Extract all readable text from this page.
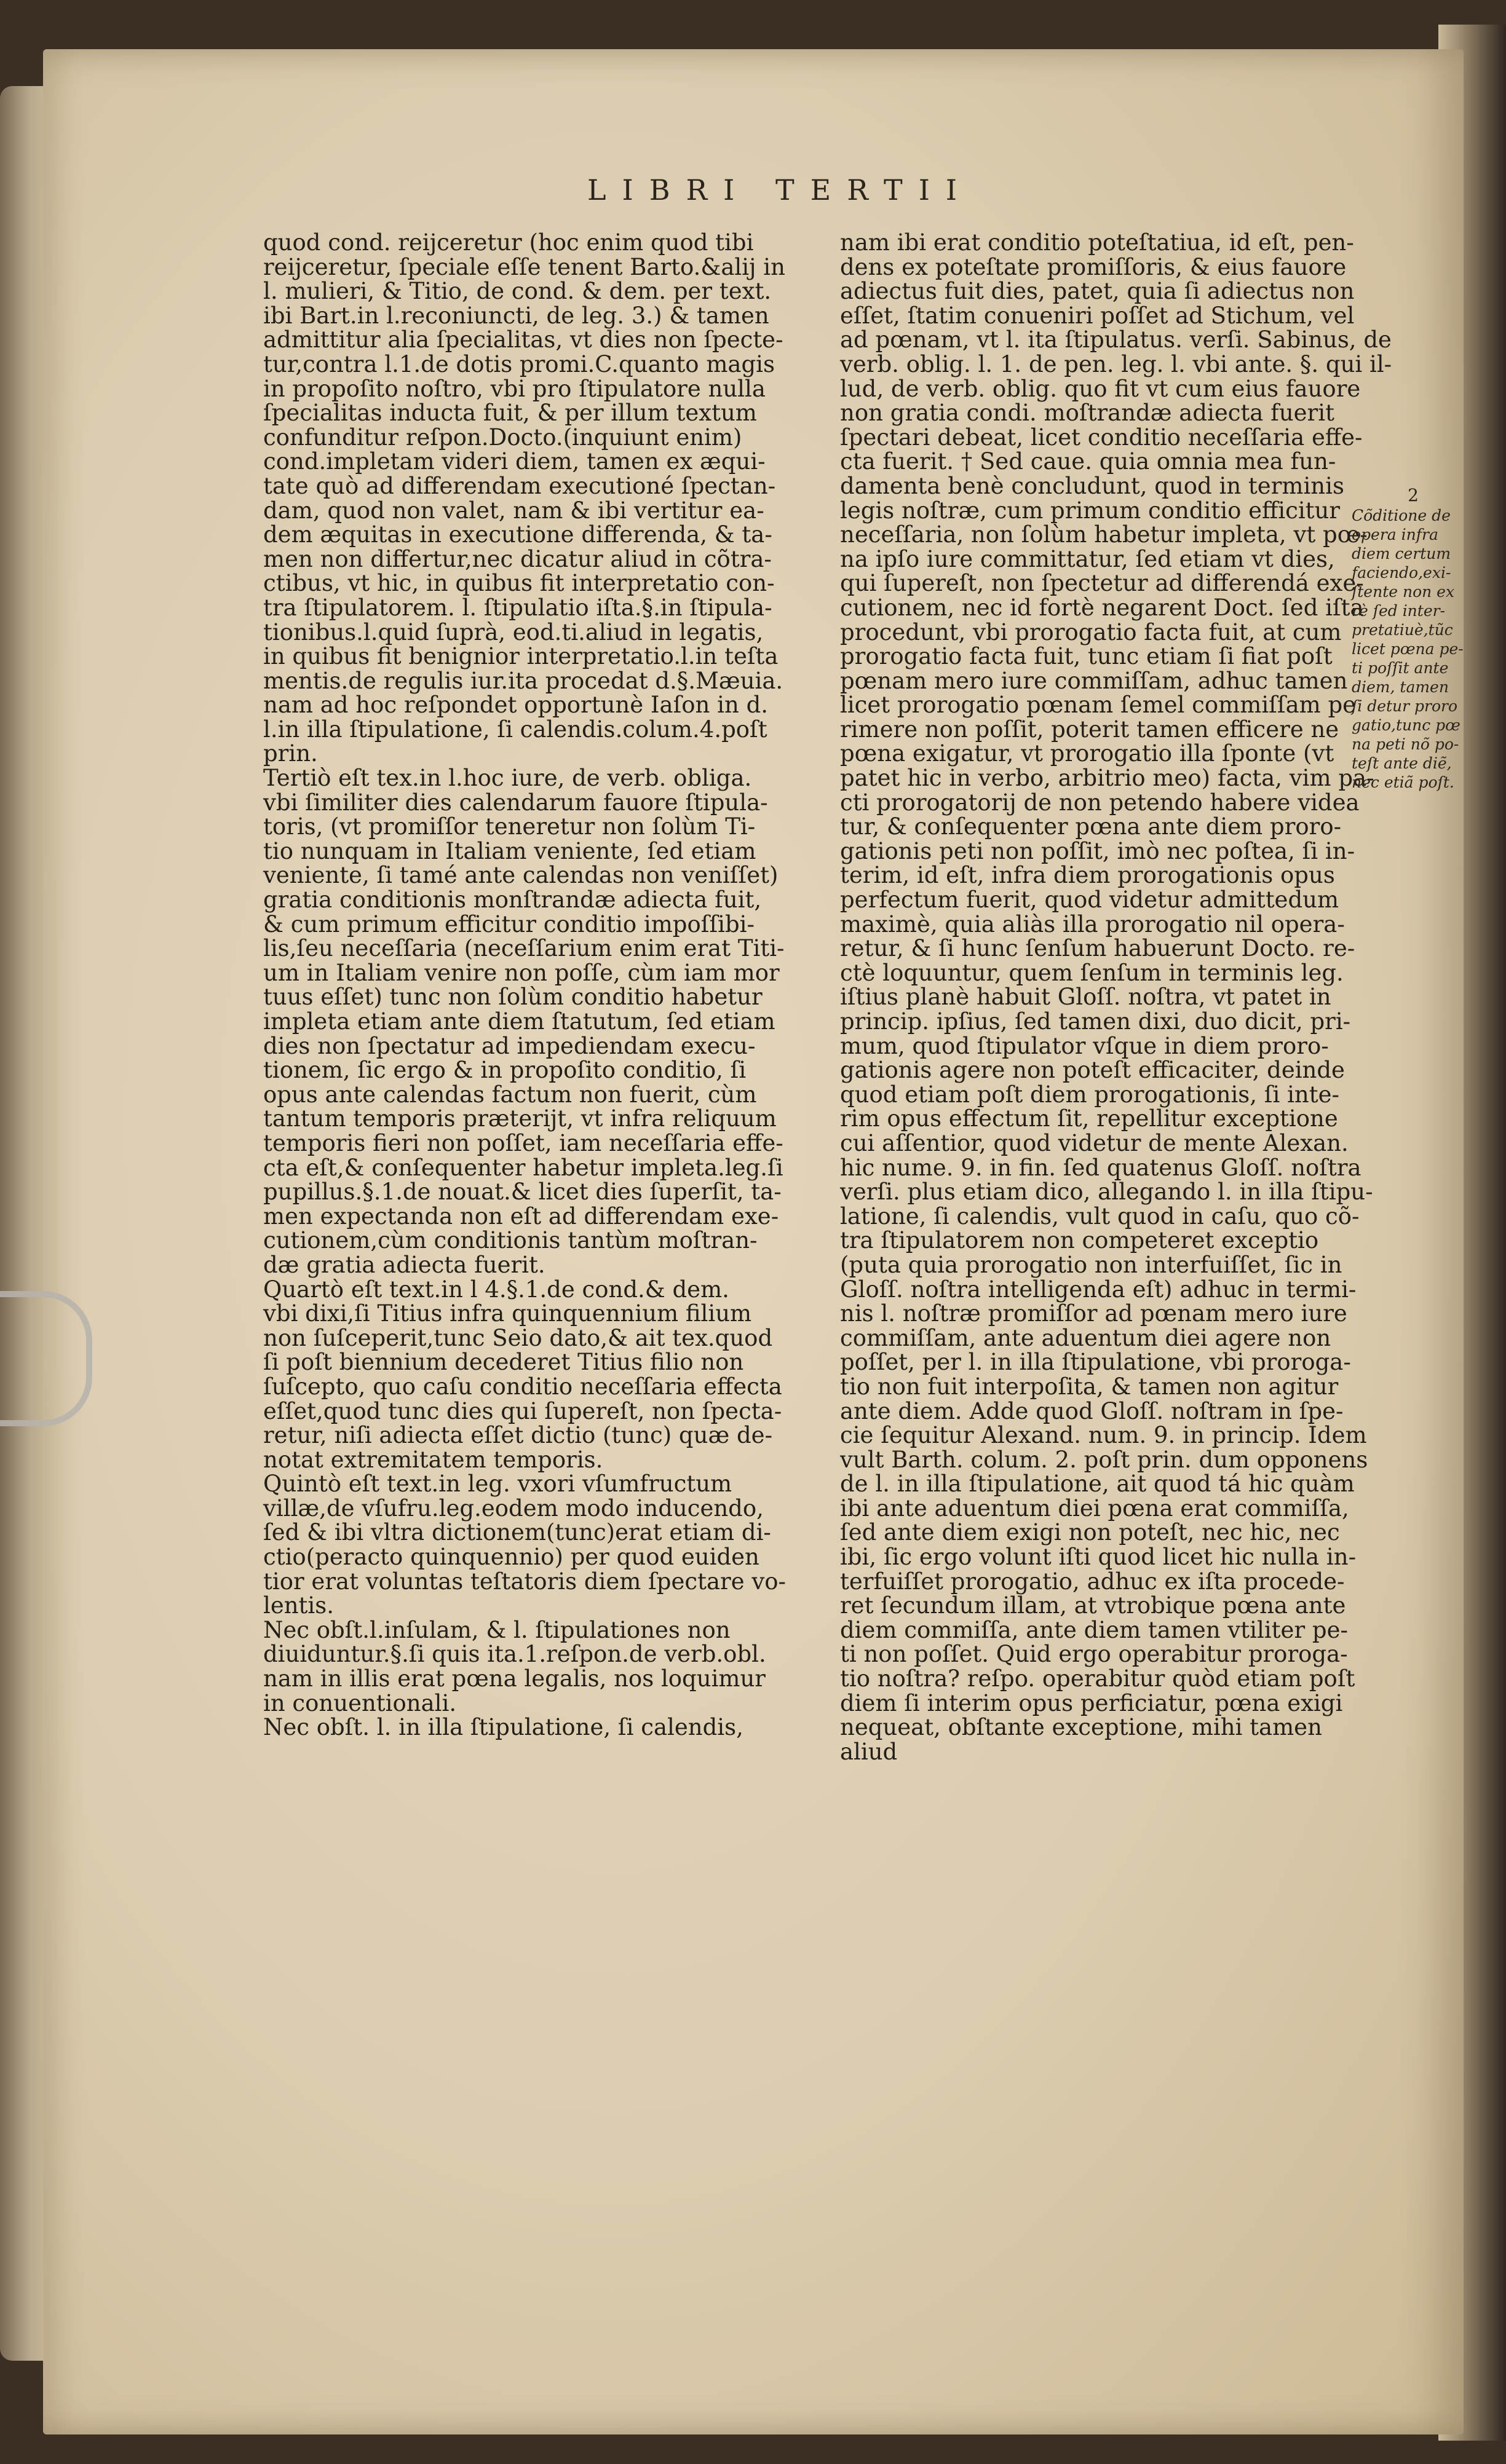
LIBRI TERTII
quod cond. reijceretur (hoc enim quod tibi
reijceretur, ſpeciale eſſe tenent Barto.&alij in
l. mulieri, & Titio, de cond. & dem. per text.
ibi Bart.in l.reconiuncti, de leg. 3.) & tamen
admittitur alia ſpecialitas, vt dies non ſpecte-
tur,contra l.1.de dotis promi.C.quanto magis
in propoſito noſtro, vbi pro ſtipulatore nulla
ſpecialitas inducta fuit, & per illum textum
confunditur reſpon.Docto.(inquiunt enim)
cond.impletam videri diem, tamen ex æqui-
tate quò ad differendam executioné ſpectan-
dam, quod non valet, nam & ibi vertitur ea-
dem æquitas in executione differenda, & ta-
men non differtur,nec dicatur aliud in cõtra-
ctibus, vt hic, in quibus fit interpretatio con-
tra ſtipulatorem. l. ſtipulatio iſta.§.in ſtipula-
tionibus.l.quid ſuprà, eod.ti.aliud in legatis,
in quibus fit benignior interpretatio.l.in teſta
mentis.de regulis iur.ita procedat d.§.Mæuia.
nam ad hoc reſpondet opportunè Iaſon in d.
l.in illa ſtipulatione, ſi calendis.colum.4.poſt
prin.
Tertiò eſt tex.in l.hoc iure, de verb. obliga.
vbi ſimiliter dies calendarum fauore ſtipula-
toris, (vt promiſſor teneretur non ſolùm Ti-
tio nunquam in Italiam veniente, ſed etiam
veniente, ſi tamé ante calendas non veniſſet)
gratia conditionis monſtrandæ adiecta fuit,
& cum primum efficitur conditio impoſſibi-
lis,ſeu neceſſaria (neceſſarium enim erat Titi-
um in Italiam venire non poſſe, cùm iam mor
tuus eſſet) tunc non ſolùm conditio habetur
impleta etiam ante diem ſtatutum, ſed etiam
dies non ſpectatur ad impediendam execu-
tionem, ſic ergo & in propoſito conditio, ſi
opus ante calendas factum non fuerit, cùm
tantum temporis præterijt, vt infra reliquum
temporis fieri non poſſet, iam neceſſaria effe-
cta eſt,& conſequenter habetur impleta.leg.ſi
pupillus.§.1.de nouat.& licet dies ſuperſit, ta-
men expectanda non eſt ad differendam exe-
cutionem,cùm conditionis tantùm moſtran-
dæ gratia adiecta fuerit.
Quartò eſt text.in l 4.§.1.de cond.& dem.
vbi dixi,ſi Titius infra quinquennium filium
non ſuſceperit,tunc Seio dato,& ait tex.quod
ſi poſt biennium decederet Titius filio non
ſuſcepto, quo caſu conditio neceſſaria effecta
eſſet,quod tunc dies qui ſupereſt, non ſpecta-
retur, niſi adiecta eſſet dictio (tunc) quæ de-
notat extremitatem temporis.
Quintò eſt text.in leg. vxori vſumfructum
villæ,de vſufru.leg.eodem modo inducendo,
ſed & ibi vltra dictionem(tunc)erat etiam di-
ctio(peracto quinquennio) per quod euiden
tior erat voluntas teſtatoris diem ſpectare vo-
lentis.
Nec obſt.l.inſulam, & l. ſtipulationes non
diuiduntur.§.ſi quis ita.1.reſpon.de verb.obl.
nam in illis erat pœna legalis, nos loquimur
in conuentionali.
Nec obſt. l. in illa ſtipulatione, ſi calendis,
nam ibi erat conditio poteſtatiua, id eſt, pen-
dens ex poteſtate promiſſoris, & eius fauore
adiectus fuit dies, patet, quia ſi adiectus non
eſſet, ſtatim conueniri poſſet ad Stichum, vel
ad pœnam, vt l. ita ſtipulatus. verſi. Sabinus, de
verb. oblig. l. 1. de pen. leg. l. vbi ante. §. qui il-
lud, de verb. oblig. quo fit vt cum eius fauore
non gratia condi. moſtrandæ adiecta fuerit
ſpectari debeat, licet conditio neceſſaria effe-
cta fuerit. † Sed caue. quia omnia mea fun-
damenta benè concludunt, quod in terminis
legis noſtræ, cum primum conditio efficitur
neceſſaria, non ſolùm habetur impleta, vt pœ-
na ipſo iure committatur, ſed etiam vt dies,
qui ſupereſt, non ſpectetur ad differendá exe-
cutionem, nec id fortè negarent Doct. ſed iſta
procedunt, vbi prorogatio facta fuit, at cum
prorogatio facta fuit, tunc etiam ſi fiat poſt
pœnam mero iure commiſſam, adhuc tamen
licet prorogatio pœnam ſemel commiſſam pe
rimere non poſſit, poterit tamen efficere ne
pœna exigatur, vt prorogatio illa ſponte (vt
patet hic in verbo, arbitrio meo) facta, vim pa-
cti prorogatorij de non petendo habere videa
tur, & conſequenter pœna ante diem proro-
gationis peti non poſſit, imò nec poſtea, ſi in-
terim, id eſt, infra diem prorogationis opus
perfectum fuerit, quod videtur admittedum
maximè, quia aliàs illa prorogatio nil opera-
retur, & ſi hunc ſenſum habuerunt Docto. re-
ctè loquuntur, quem ſenſum in terminis leg.
iſtius planè habuit Gloſſ. noſtra, vt patet in
princip. ipſius, ſed tamen dixi, duo dicit, pri-
mum, quod ſtipulator vſque in diem proro-
gationis agere non poteſt efficaciter, deinde
quod etiam poſt diem prorogationis, ſi inte-
rim opus effectum ſit, repellitur exceptione
cui aſſentior, quod videtur de mente Alexan.
hic nume. 9. in fin. ſed quatenus Gloſſ. noſtra
verſi. plus etiam dico, allegando l. in illa ſtipu-
latione, ſi calendis, vult quod in caſu, quo cõ-
tra ſtipulatorem non competeret exceptio
(puta quia prorogatio non interfuiſſet, ſic in
Gloſſ. noſtra intelligenda eſt) adhuc in termi-
nis l. noſtræ promiſſor ad pœnam mero iure
commiſſam, ante aduentum diei agere non
poſſet, per l. in illa ſtipulatione, vbi proroga-
tio non fuit interpoſita, & tamen non agitur
ante diem. Adde quod Gloſſ. noſtram in ſpe-
cie ſequitur Alexand. num. 9. in princip. Idem
vult Barth. colum. 2. poſt prin. dum opponens
de l. in illa ſtipulatione, ait quod tá hic quàm
ibi ante aduentum diei pœna erat commiſſa,
ſed ante diem exigi non poteſt, nec hic, nec
ibi, ſic ergo volunt iſti quod licet hic nulla in-
terfuiſſet prorogatio, adhuc ex iſta procede-
ret ſecundum illam, at vtrobique pœna ante
diem commiſſa, ante diem tamen vtiliter pe-
ti non poſſet. Quid ergo operabitur proroga-
tio noſtra? reſpo. operabitur quòd etiam poſt
diem ſi interim opus perficiatur, pœna exigi
nequeat, obſtante exceptione, mihi tamen
aliud
2
Cõditione de
opera infra
diem certum
faciendo,exi-
ſtente non ex
rè ſed inter-
pretatiuè,tũc
licet pœna pe-
ti poſſit ante
diem, tamen
ſi detur proro
gatio,tunc pœ
na peti nõ po-
teſt ante diẽ,
nec etiã poſt.
